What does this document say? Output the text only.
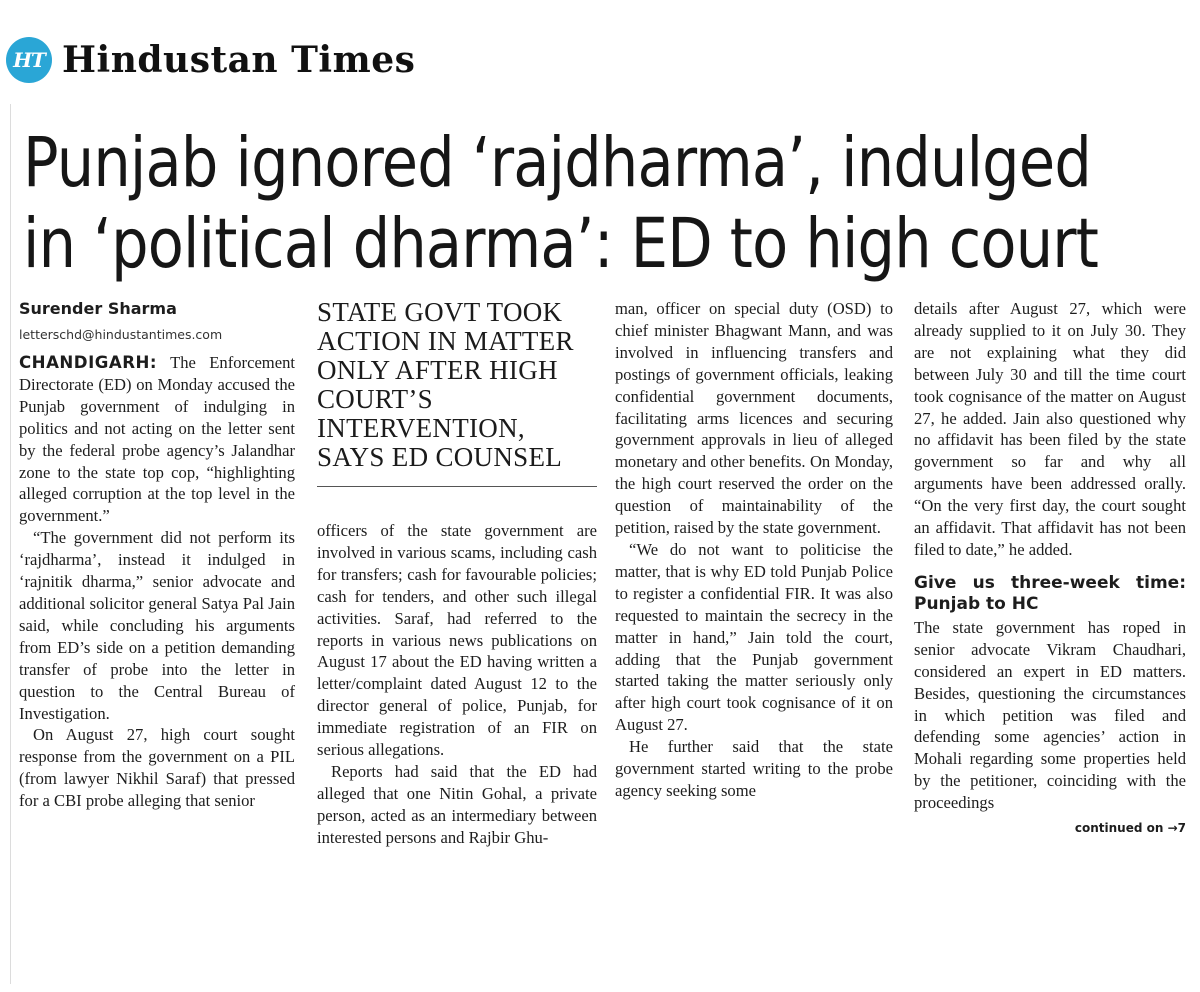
HT Hindustan Times
Punjab ignored ‘rajdharma’, indulged
in ‘political dharma’: ED to high court
Surender Sharma
letterschd@hindustantimes.com

CHANDIGARH: The Enforcement Directorate (ED) on Monday accused the Punjab government of indulging in politics and not acting on the letter sent by the federal probe agency’s Jalandhar zone to the state top cop, “highlighting alleged corruption at the top level in the government.”

“The government did not perform its ‘rajdharma’, instead it indulged in ‘rajnitik dharma,” senior advocate and additional solicitor general Satya Pal Jain said, while concluding his arguments from ED’s side on a petition demanding transfer of probe into the letter in question to the Central Bureau of Investigation.

On August 27, high court sought response from the government on a PIL (from lawyer Nikhil Saraf) that pressed for a CBI probe alleging that senior

STATE GOVT TOOK ACTION IN MATTER ONLY AFTER HIGH COURT’S INTERVENTION, SAYS ED COUNSEL

officers of the state government are involved in various scams, including cash for transfers; cash for favourable policies; cash for tenders, and other such illegal activities. Saraf, had referred to the reports in various news publications on August 17 about the ED having written a letter/complaint dated August 12 to the director general of police, Punjab, for immediate registration of an FIR on serious allegations.

Reports had said that the ED had alleged that one Nitin Gohal, a private person, acted as an intermediary between interested persons and Rajbir Ghu-

man, officer on special duty (OSD) to chief minister Bhagwant Mann, and was involved in influencing transfers and postings of government officials, leaking confidential government documents, facilitating arms licences and securing government approvals in lieu of alleged monetary and other benefits. On Monday, the high court reserved the order on the question of maintainability of the petition, raised by the state government.

“We do not want to politicise the matter, that is why ED told Punjab Police to register a confidential FIR. It was also requested to maintain the secrecy in the matter in hand,” Jain told the court, adding that the Punjab government started taking the matter seriously only after high court took cognisance of it on August 27.

He further said that the state government started writing to the probe agency seeking some

details after August 27, which were already supplied to it on July 30. They are not explaining what they did between July 30 and till the time court took cognisance of the matter on August 27, he added. Jain also questioned why no affidavit has been filed by the state government so far and why all arguments have been addressed orally. “On the very first day, the court sought an affidavit. That affidavit has not been filed to date,” he added.

Give us three-week time: Punjab to HC

The state government has roped in senior advocate Vikram Chaudhari, considered an expert in ED matters. Besides, questioning the circumstances in which petition was filed and defending some agencies’ action in Mohali regarding some properties held by the petitioner, coinciding with the proceedings

continued on →7
